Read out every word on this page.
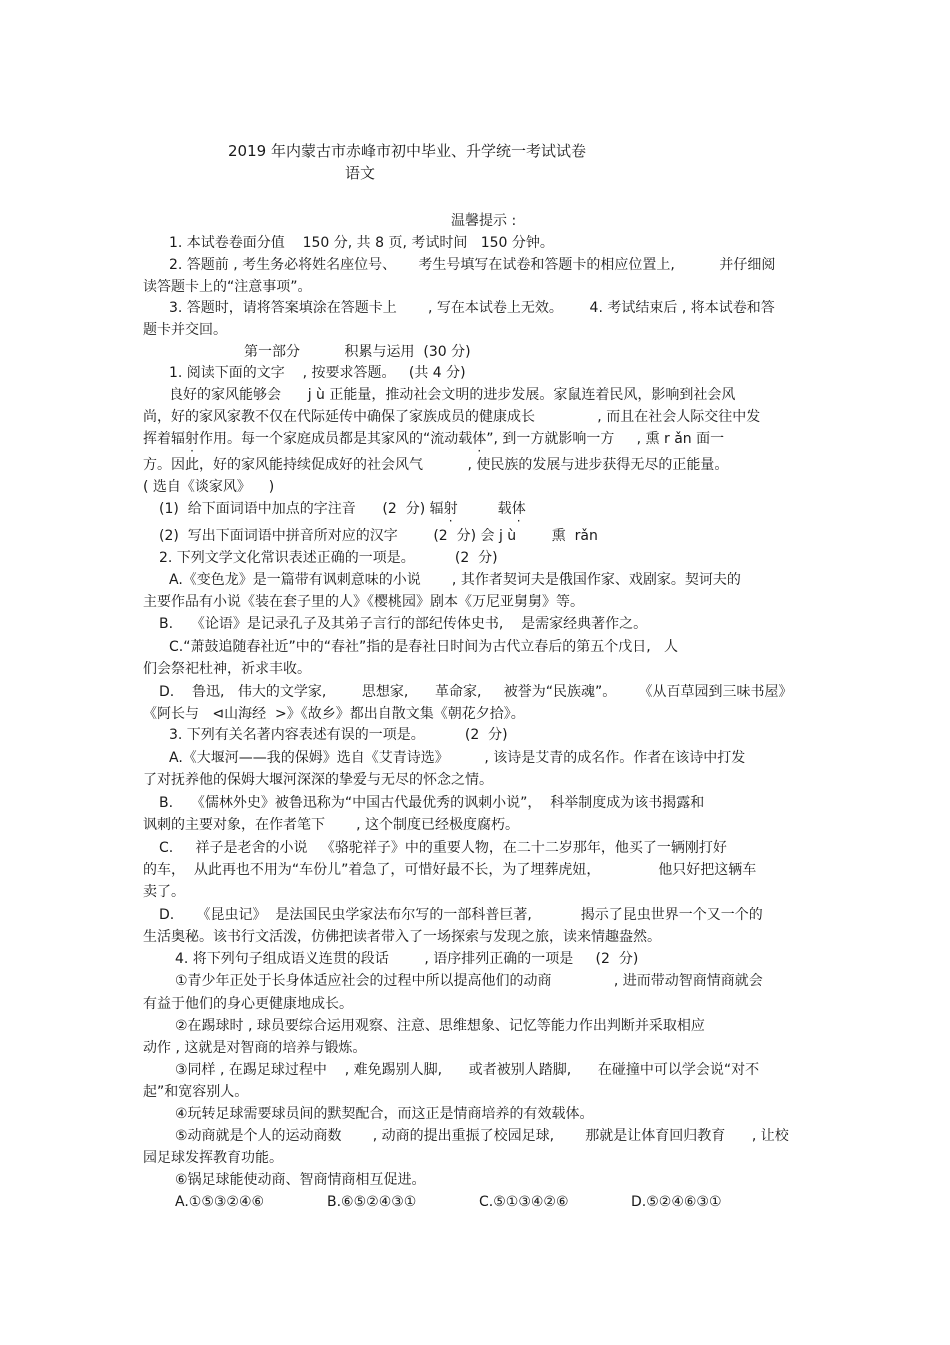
2019 年内蒙古市赤峰市初中毕业、升学统一考试试卷
语文
温馨提示 :
1. 本试卷卷面分值    150 分, 共 8 页, 考试时间   150 分钟。
2. 答题前 , 考生务必将姓名座位号、     考生号填写在试卷和答题卡的相应位置上,          并仔细阅
读答题卡上的“注意事项”。
3. 答题时，请将答案填涂在答题卡上       , 写在本试卷上无效。      4. 考试结束后 , 将本试卷和答
题卡并交回。
第一部分          积累与运用  (30 分)
1. 阅读下面的文字    , 按要求答题。   (共 4 分)
良好的家风能够会      j ù 正能量，推动社会文明的进步发展。家鼠连着民风，影响到社会风
尚，好的家风家教不仅在代际延传中确保了家族成员的健康成长              , 而且在社会人际交往中发
挥着辐射作用。每一个家庭成员都是其家风的“流动载体”, 到一方就影响一方     , 熏 r ǎn 面一
方。因此，好的家风能持续促成好的社会风气          , 使民族的发展与进步获得无尽的正能量。
( 选自《谈家风》    )
(1)  给下面词语中加点的字注音      (2  分) 辐射         载体
(2)  写出下面词语中拼音所对应的汉字        (2  分) 会 j ù        熏  rǎn
2. 下列文学文化常识表述正确的一项是。         (2  分)
A.《变色龙》是一篇带有讽刺意味的小说       , 其作者契诃夫是俄国作家、戏剧家。契诃夫的
主要作品有小说《装在套子里的人》《樱桃园》剧本《万尼亚舅舅》等。
B.    《论语》是记录孔子及其弟子言行的部纪传体史书,    是需家经典著作之。
C.“萧鼓追随春社近”中的“春社”指的是春社日时间为古代立春后的第五个戊日,   人
们会祭祀杜神，祈求丰收。
D.    鲁迅,   伟大的文学家,        思想家,      革命家,     被誉为“民族魂”。     《从百草园到三味书屋》
《阿长与   ⊲山海经  >》《故乡》都出自散文集《朝花夕拾》。
3. 下列有关名著内容表述有误的一项是。         (2  分)
A.《大堰河——我的保姆》选自《艾青诗选》        , 该诗是艾青的成名作。作者在该诗中打发
了对抚养他的保姆大堰河深深的挚爱与无尽的怀念之情。
B.    《儒林外史》被鲁迅称为“中国古代最优秀的讽刺小说”，  科举制度成为该书揭露和
讽刺的主要对象，在作者笔下       , 这个制度已经极度腐朽。
C.     祥子是老舍的小说   《骆驼祥子》中的重要人物，在二十二岁那年，他买了一辆刚打好
的车，  从此再也不用为“车份儿”着急了，可惜好最不长，为了埋葬虎妞，             他只好把这辆车
卖了。
D.     《昆虫记》  是法国民虫学家法布尔写的一部科普巨著,           揭示了昆虫世界一个又一个的
生活奥秘。该书行文活泼，仿佛把读者带入了一场探索与发现之旅，读来情趣盎然。
4. 将下列句子组成语义连贯的段话        , 语序排列正确的一项是     (2  分)
①青少年正处于长身体适应社会的过程中所以提高他们的动商              , 进而带动智商情商就会
有益于他们的身心更健康地成长。
②在踢球时 , 球员要综合运用观察、注意、思维想象、记忆等能力作出判断并采取相应
动作 , 这就是对智商的培养与锻炼。
③同样 , 在踢足球过程中    , 难免踢别人脚,      或者被别人踏脚,      在碰撞中可以学会说“对不
起”和宽容别人。
④玩转足球需要球员间的默契配合，而这正是情商培养的有效载体。
⑤动商就是个人的运动商数       , 动商的提出重振了校园足球,       那就是让体育回归教育      , 让校
园足球发挥教育功能。
⑥锅足球能使动商、智商情商相互促进。
A.①⑤③②④⑥	B.⑥⑤②④③①	C.⑤①③④②⑥	D.⑤②④⑥③①
